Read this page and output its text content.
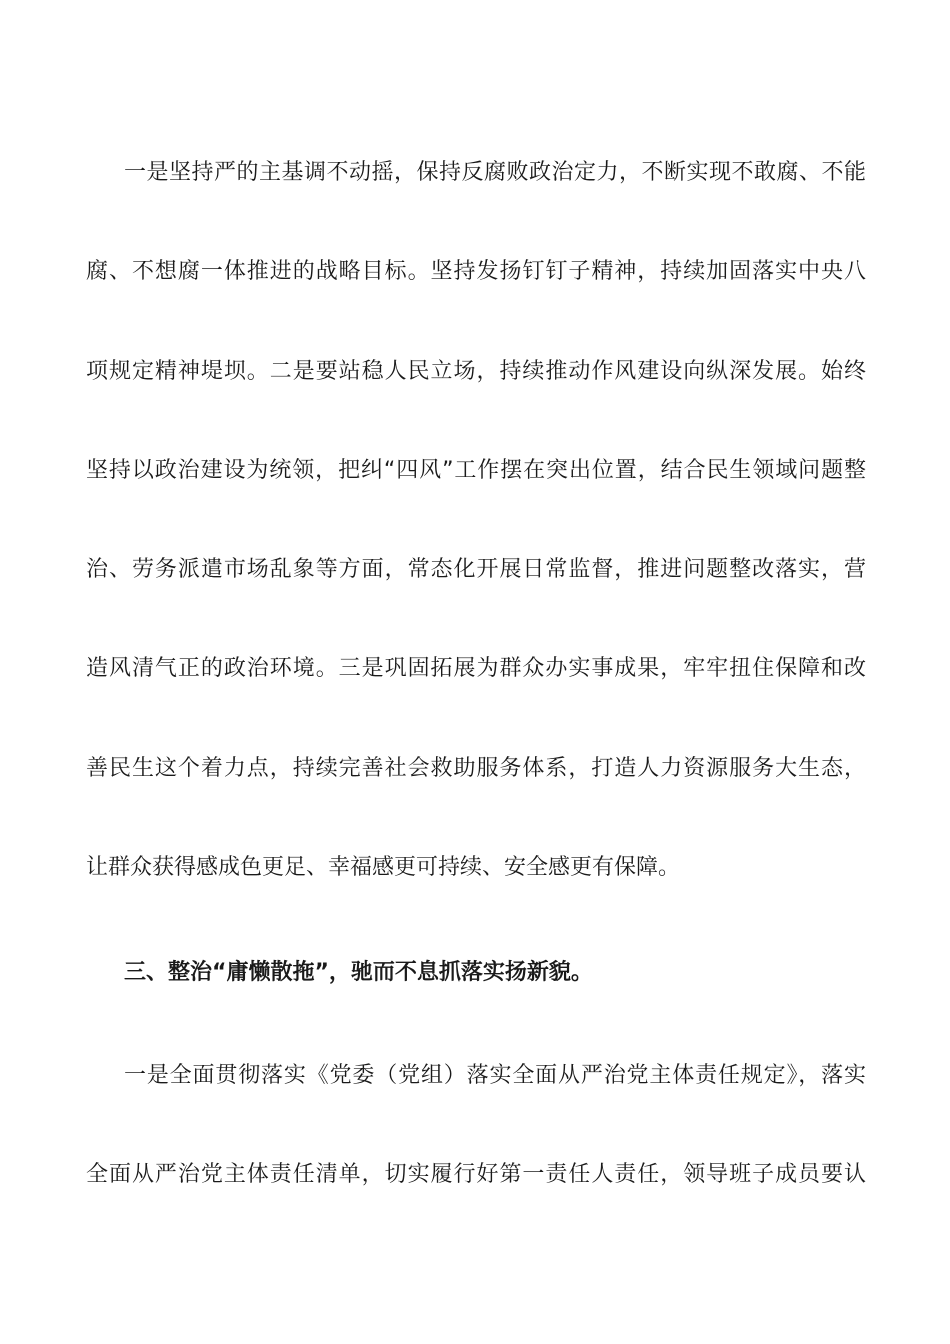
一是坚持严的主基调不动摇，保持反腐败政治定力，不断实现不敢腐、不能
腐、不想腐一体推进的战略目标。坚持发扬钉钉子精神，持续加固落实中央八
项规定精神堤坝。二是要站稳人民立场，持续推动作风建设向纵深发展。始终
坚持以政治建设为统领，把纠“四风”工作摆在突出位置，结合民生领域问题整
治、劳务派遣市场乱象等方面，常态化开展日常监督，推进问题整改落实，营
造风清气正的政治环境。三是巩固拓展为群众办实事成果，牢牢扭住保障和改
善民生这个着力点，持续完善社会救助服务体系，打造人力资源服务大生态，
让群众获得感成色更足、幸福感更可持续、安全感更有保障。
三、整治“庸懒散拖”，驰而不息抓落实扬新貌。
一是全面贯彻落实《党委（党组）落实全面从严治党主体责任规定》，落实
全面从严治党主体责任清单，切实履行好第一责任人责任，领导班子成员要认
